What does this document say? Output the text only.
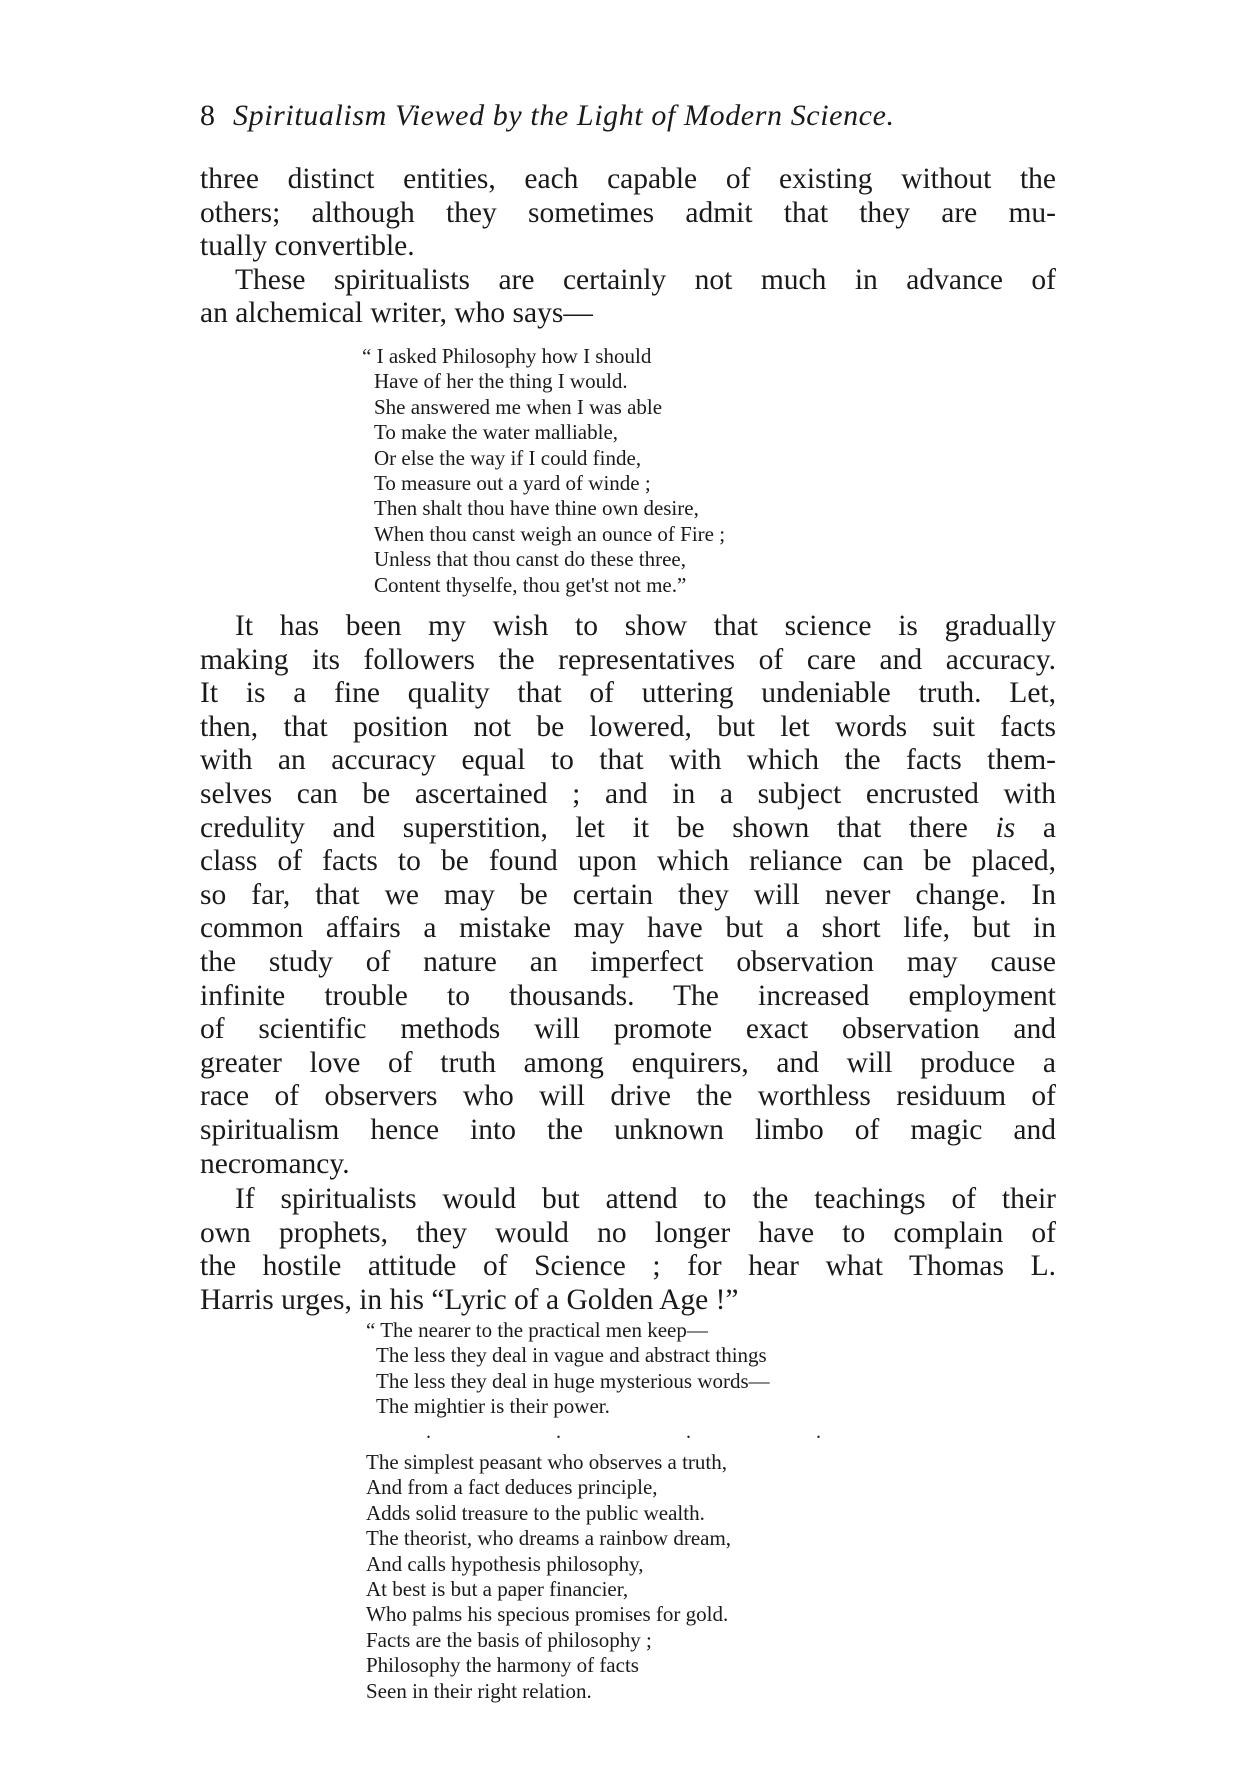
8 Spiritualism Viewed by the Light of Modern Science.

three distinct entities, each capable of existing without the
others; although they sometimes admit that they are mu-
tually convertible.

These spiritualists are certainly not much in advance of
an alchemical writer, who says—

“ I asked Philosophy how I should
Have of her the thing I would.
She answered me when I was able
To make the water malliable,
Or else the way if I could finde,
To measure out a yard of winde ;
Then shalt thou have thine own desire,
When thou canst weigh an ounce of Fire ;
Unless that thou canst do these three,
Content thyselfe, thou get'st not me.”

It has been my wish to show that science is gradually
making its followers the representatives of care and accuracy.
It is a fine quality that of uttering undeniable truth. Let,
then, that position not be lowered, but let words suit facts
with an accuracy equal to that with which the facts them-
selves can be ascertained ; and in a subject encrusted with
credulity and superstition, let it be shown that there is a
class of facts to be found upon which reliance can be placed,
so far, that we may be certain they will never change. In
common affairs a mistake may have but a short life, but in
the study of nature an imperfect observation may cause
infinite trouble to thousands. The increased employment
of scientific methods will promote exact observation and
greater love of truth among enquirers, and will produce a
race of observers who will drive the worthless residuum of
spiritualism hence into the unknown limbo of magic and
necromancy.

If spiritualists would but attend to the teachings of their
own prophets, they would no longer have to complain of
the hostile attitude of Science ; for hear what Thomas L.
Harris urges, in his “Lyric of a Golden Age !”

“ The nearer to the practical men keep—
The less they deal in vague and abstract things
The less they deal in huge mysterious words—
The mightier is their power.
. . . .
The simplest peasant who observes a truth,
And from a fact deduces principle,
Adds solid treasure to the public wealth.
The theorist, who dreams a rainbow dream,
And calls hypothesis philosophy,
At best is but a paper financier,
Who palms his specious promises for gold.
Facts are the basis of philosophy ;
Philosophy the harmony of facts
Seen in their right relation.
